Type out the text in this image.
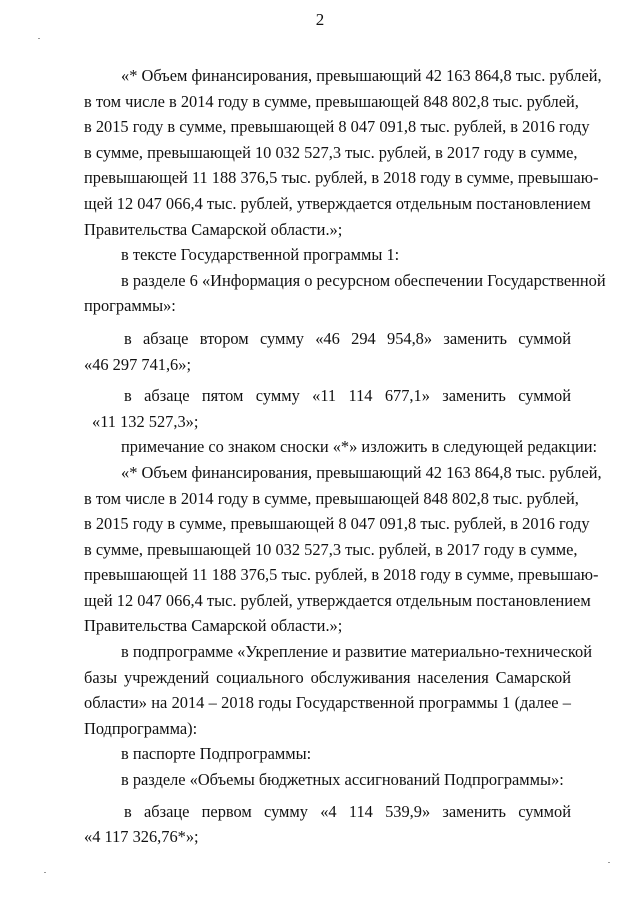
2
«* Объем финансирования, превышающий 42 163 864,8 тыс. рублей,
в том числе в 2014 году в сумме, превышающей 848 802,8 тыс. рублей,
в 2015 году в сумме, превышающей 8 047 091,8 тыс. рублей, в 2016 году
в сумме, превышающей 10 032 527,3 тыс. рублей, в 2017 году в сумме,
превышающей 11 188 376,5 тыс. рублей, в 2018 году в сумме, превышаю-
щей 12 047 066,4 тыс. рублей, утверждается отдельным постановлением
Правительства Самарской области.»;
в тексте Государственной программы 1:
в разделе 6 «Информация о ресурсном обеспечении Государственной
программы»:
в абзаце втором сумму «46 294 954,8» заменить суммой
«46 297 741,6»;
в абзаце пятом сумму «11 114 677,1» заменить суммой
«11 132 527,3»;
примечание со знаком сноски «*» изложить в следующей редакции:
«* Объем финансирования, превышающий 42 163 864,8 тыс. рублей,
в том числе в 2014 году в сумме, превышающей 848 802,8 тыс. рублей,
в 2015 году в сумме, превышающей 8 047 091,8 тыс. рублей, в 2016 году
в сумме, превышающей 10 032 527,3 тыс. рублей, в 2017 году в сумме,
превышающей 11 188 376,5 тыс. рублей, в 2018 году в сумме, превышаю-
щей 12 047 066,4 тыс. рублей, утверждается отдельным постановлением
Правительства Самарской области.»;
в подпрограмме «Укрепление и развитие материально-технической
базы учреждений социального обслуживания населения Самарской
области» на 2014 – 2018 годы Государственной программы 1 (далее –
Подпрограмма):
в паспорте Подпрограммы:
в разделе «Объемы бюджетных ассигнований Подпрограммы»:
в абзаце первом сумму «4 114 539,9» заменить суммой
«4 117 326,76*»;
